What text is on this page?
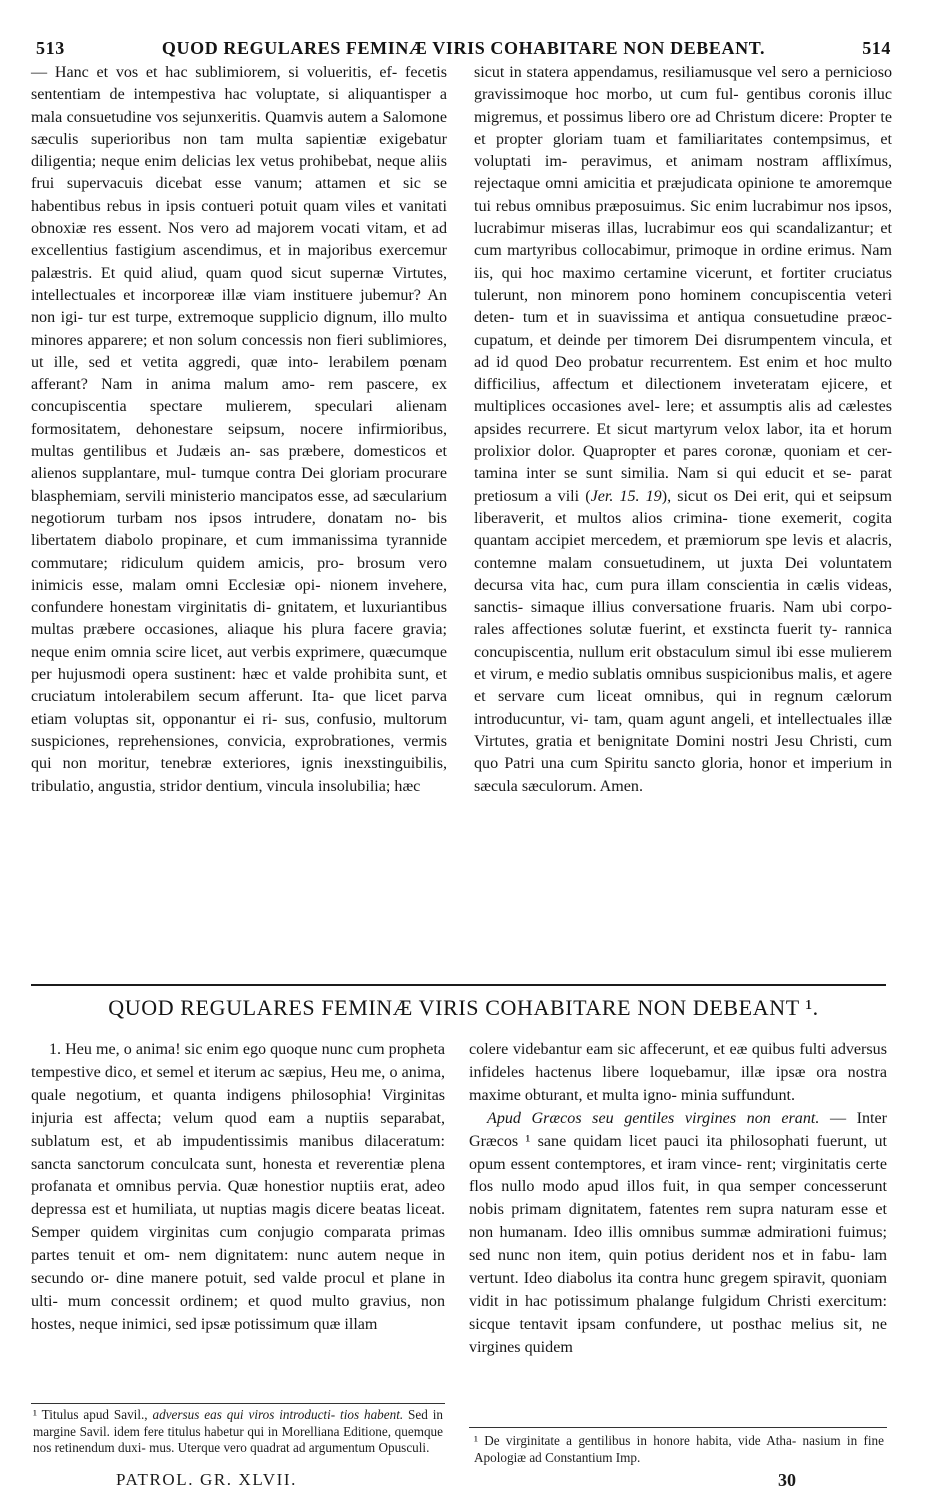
513	QUOD REGULARES FEMINÆ VIRIS COHABITARE NON DEBEANT.	514

— Hanc et vos et hac sublimiorem, si volueritis, ef- fecetis sententiam de intempestiva hac voluptate, si aliquantisper a mala consuetudine vos sejunxeritis. Quamvis autem a Salomone sæculis superioribus non tam multa sapientiæ exigebatur diligentia; neque enim delicias lex vetus prohibebat, neque aliis frui supervacuis dicebat esse vanum; attamen et sic se habentibus rebus in ipsis contueri potuit quam viles et vanitati obnoxiæ res essent. Nos vero ad majorem vocati vitam, et ad excellentius fastigium ascendimus, et in majoribus exercemur palæstris. Et quid aliud, quam quod sicut supernæ Virtutes, intellectuales et incorporeæ illæ viam instituere jubemur? An non igi- tur est turpe, extremoque supplicio dignum, illo multo minores apparere; et non solum concessis non fieri sublimiores, ut ille, sed et vetita aggredi, quæ into- lerabilem pœnam afferant? Nam in anima malum amo- rem pascere, ex concupiscentia spectare mulierem, speculari alienam formositatem, dehonestare seipsum, nocere infirmioribus, multas gentilibus et Judæis an- sas præbere, domesticos et alienos supplantare, mul- tumque contra Dei gloriam procurare blasphemiam, servili ministerio mancipatos esse, ad sæcularium negotiorum turbam nos ipsos intrudere, donatam no- bis libertatem diabolo propinare, et cum immanissima tyrannide commutare; ridiculum quidem amicis, pro- brosum vero inimicis esse, malam omni Ecclesiæ opi- nionem invehere, confundere honestam virginitatis di- gnitatem, et luxuriantibus multas præbere occasiones, aliaque his plura facere gravia; neque enim omnia scire licet, aut verbis exprimere, quæcumque per hujusmodi opera sustinent: hæc et valde prohibita sunt, et cruciatum intolerabilem secum afferunt. Ita- que licet parva etiam voluptas sit, opponantur ei ri- sus, confusio, multorum suspiciones, reprehensiones, convicia, exprobrationes, vermis qui non moritur, tenebræ exteriores, ignis inexstinguibilis, tribulatio, angustia, stridor dentium, vincula insolubilia; hæc

sicut in statera appendamus, resiliamusque vel sero a pernicioso gravissimoque hoc morbo, ut cum ful- gentibus coronis illuc migremus, et possimus libero ore ad Christum dicere: Propter te et propter gloriam tuam et familiaritates contempsimus, et voluptati im- peravimus, et animam nostram afflixímus, rejectaque omni amicitia et præjudicata opinione te amoremque tui rebus omnibus præposuimus. Sic enim lucrabimur nos ipsos, lucrabimur miseras illas, lucrabimur eos qui scandalizantur; et cum martyribus collocabimur, primoque in ordine erimus. Nam iis, qui hoc maximo certamine vicerunt, et fortiter cruciatus tulerunt, non minorem pono hominem concupiscentia veteri deten- tum et in suavissima et antiqua consuetudine præoc- cupatum, et deinde per timorem Dei disrumpentem vincula, et ad id quod Deo probatur recurrentem. Est enim et hoc multo difficilius, affectum et dilectionem inveteratam ejicere, et multiplices occasiones avel- lere; et assumptis alis ad cælestes apsides recurrere. Et sicut martyrum velox labor, ita et horum prolixior dolor. Quapropter et pares coronæ, quoniam et cer- tamina inter se sunt similia. Nam si qui educit et se- parat pretiosum a vili (Jer. 15. 19), sicut os Dei erit, qui et seipsum liberaverit, et multos alios crimina- tione exemerit, cogita quantam accipiet mercedem, et præmiorum spe levis et alacris, contemne malam consuetudinem, ut juxta Dei voluntatem decursa vita hac, cum pura illam conscientia in cælis videas, sanctis- simaque illius conversatione fruaris. Nam ubi corpo- rales affectiones solutæ fuerint, et exstincta fuerit ty- rannica concupiscentia, nullum erit obstaculum simul ibi esse mulierem et virum, e medio sublatis omnibus suspicionibus malis, et agere et servare cum liceat omnibus, qui in regnum cælorum introducuntur, vi- tam, quam agunt angeli, et intellectuales illæ Virtutes, gratia et benignitate Domini nostri Jesu Christi, cum quo Patri una cum Spiritu sancto gloria, honor et imperium in sæcula sæculorum. Amen.

QUOD REGULARES FEMINÆ VIRIS COHABITARE NON DEBEANT ¹.

1. Heu me, o anima! sic enim ego quoque nunc cum propheta tempestive dico, et semel et iterum ac sæpius, Heu me, o anima, quale negotium, et quanta indigens philosophia! Virginitas injuria est affecta; velum quod eam a nuptiis separabat, sublatum est, et ab impudentissimis manibus dilaceratum: sancta sanctorum conculcata sunt, honesta et reverentiæ plena profanata et omnibus pervia. Quæ honestior nuptiis erat, adeo depressa est et humiliata, ut nuptias magis dicere beatas liceat. Semper quidem virginitas cum conjugio comparata primas partes tenuit et om- nem dignitatem: nunc autem neque in secundo or- dine manere potuit, sed valde procul et plane in ulti- mum concessit ordinem; et quod multo gravius, non hostes, neque inimici, sed ipsæ potissimum quæ illam

colere videbantur eam sic affecerunt, et eæ quibus fulti adversus infideles hactenus libere loquebamur, illæ ipsæ ora nostra maxime obturant, et multa igno- minia suffundunt.

Apud Græcos seu gentiles virgines non erant. — Inter Græcos ¹ sane quidam licet pauci ita philosophati fuerunt, ut opum essent contemptores, et iram vince- rent; virginitatis certe flos nullo modo apud illos fuit, in qua semper concesserunt nobis primam dignitatem, fatentes rem supra naturam esse et non humanam. Ideo illis omnibus summæ admirationi fuimus; sed nunc non item, quin potius derident nos et in fabu- lam vertunt. Ideo diabolus ita contra hunc gregem spiravit, quoniam vidit in hac potissimum phalange fulgidum Christi exercitum: sicque tentavit ipsam confundere, ut posthac melius sit, ne virgines quidem

¹ Titulus apud Savil., adversus eas qui viros introducti- tios habent. Sed in margine Savil. idem fere titulus habetur qui in Morelliana Editione, quemque nos retinendum duxi- mus. Uterque vero quadrat ad argumentum Opusculi.	¹ De virginitate a gentilibus in honore habita, vide Atha- nasium in fine Apologiæ ad Constantium Imp.
PATROL. GR. XLVII.	30
